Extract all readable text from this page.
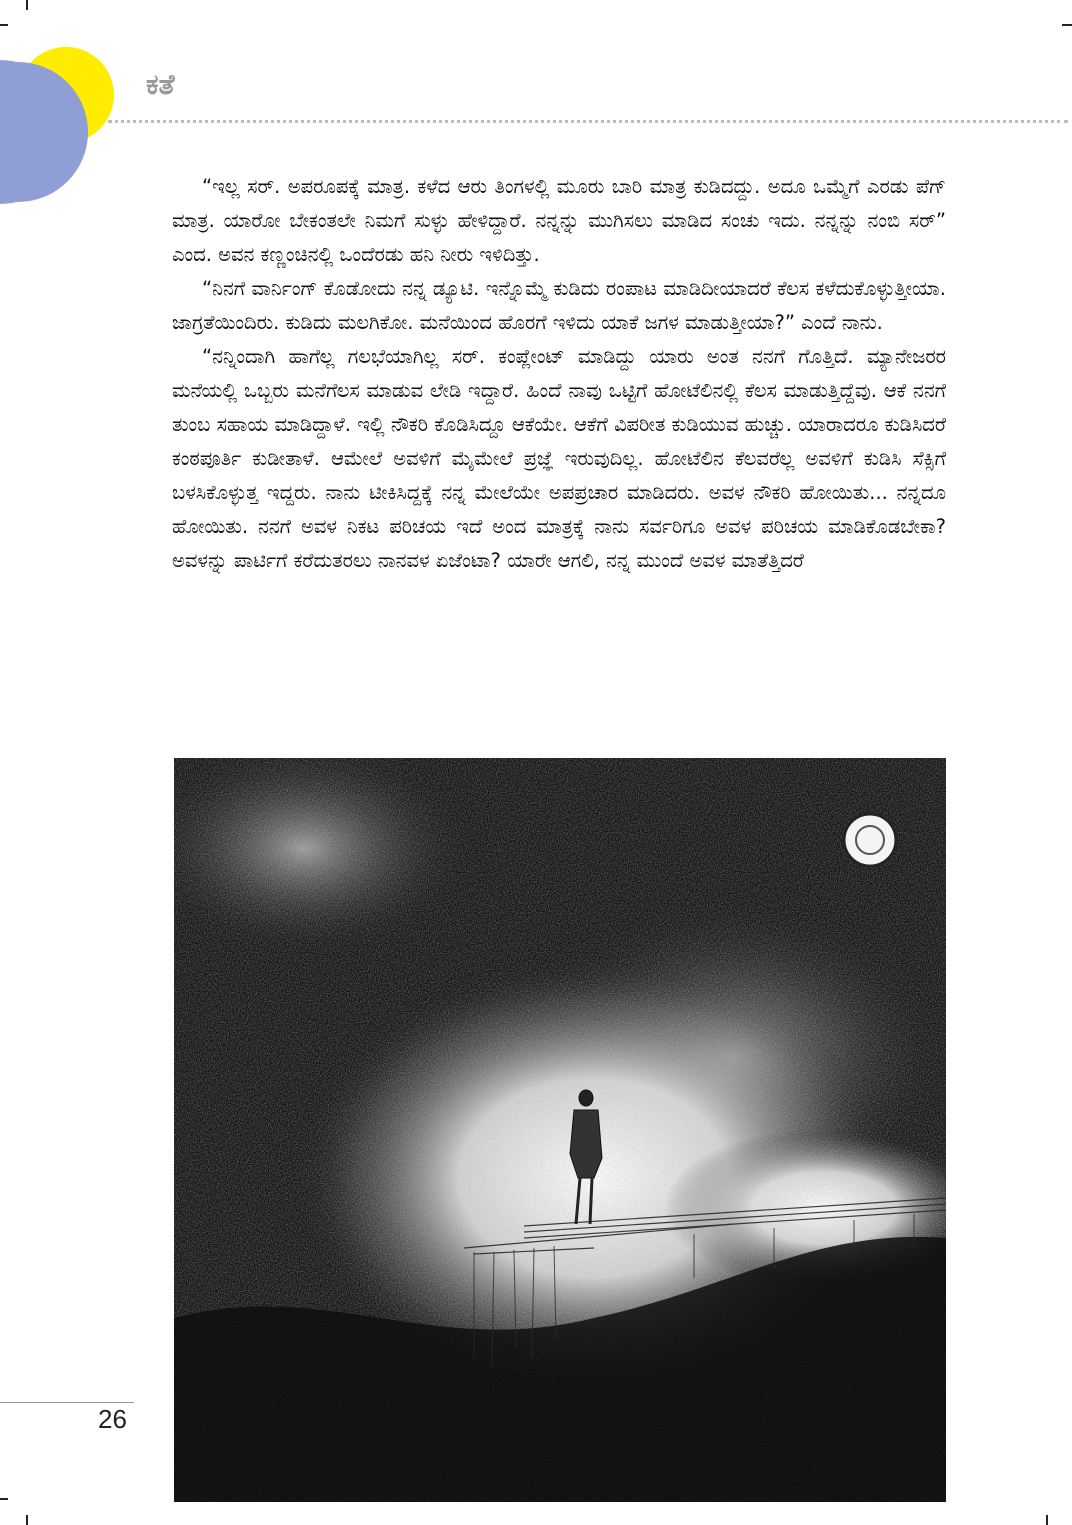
ಕತೆ

“ಇಲ್ಲ ಸರ್. ಅಪರೂಪಕ್ಕೆ ಮಾತ್ರ. ಕಳೆದ ಆರು ತಿಂಗಳಲ್ಲಿ ಮೂರು ಬಾರಿ ಮಾತ್ರ ಕುಡಿದದ್ದು. ಅದೂ ಒಮ್ಮೆಗೆ ಎರಡು ಪೆಗ್ ಮಾತ್ರ. ಯಾರೋ ಬೇಕಂತಲೇ ನಿಮಗೆ ಸುಳ್ಳು ಹೇಳಿದ್ದಾರೆ. ನನ್ನನ್ನು ಮುಗಿಸಲು ಮಾಡಿದ ಸಂಚು ಇದು. ನನ್ನನ್ನು ನಂಬಿ ಸರ್” ಎಂದ. ಅವನ ಕಣ್ಣಂಚಿನಲ್ಲಿ ಒಂದೆರಡು ಹನಿ ನೀರು ಇಳಿದಿತ್ತು.

“ನಿನಗೆ ವಾರ್ನಿಂಗ್ ಕೊಡೋದು ನನ್ನ ಡ್ಯೂಟಿ. ಇನ್ನೊಮ್ಮೆ ಕುಡಿದು ರಂಪಾಟ ಮಾಡಿದೀಯಾದರೆ ಕೆಲಸ ಕಳೆದುಕೊಳ್ಳುತ್ತೀಯಾ. ಜಾಗ್ರತೆಯಿಂದಿರು. ಕುಡಿದು ಮಲಗಿಕೋ. ಮನೆಯಿಂದ ಹೊರಗೆ ಇಳಿದು ಯಾಕೆ ಜಗಳ ಮಾಡುತ್ತೀಯಾ?” ಎಂದೆ ನಾನು.

“ನನ್ನಿಂದಾಗಿ ಹಾಗೆಲ್ಲ ಗಲಭೆಯಾಗಿಲ್ಲ ಸರ್. ಕಂಪ್ಲೇಂಟ್ ಮಾಡಿದ್ದು ಯಾರು ಅಂತ ನನಗೆ ಗೊತ್ತಿದೆ. ಮ್ಯಾನೇಜರರ ಮನೆಯಲ್ಲಿ ಒಬ್ಬರು ಮನೆಗೆಲಸ ಮಾಡುವ ಲೇಡಿ ಇದ್ದಾರೆ. ಹಿಂದೆ ನಾವು ಒಟ್ಟಿಗೆ ಹೋಟೆಲಿನಲ್ಲಿ ಕೆಲಸ ಮಾಡುತ್ತಿದ್ದೆವು. ಆಕೆ ನನಗೆ ತುಂಬ ಸಹಾಯ ಮಾಡಿದ್ದಾಳೆ. ಇಲ್ಲಿ ನೌಕರಿ ಕೊಡಿಸಿದ್ದೂ ಆಕೆಯೇ. ಆಕೆಗೆ ವಿಪರೀತ ಕುಡಿಯುವ ಹುಚ್ಚು. ಯಾರಾದರೂ ಕುಡಿಸಿದರೆ ಕಂಠಪೂರ್ತಿ ಕುಡೀತಾಳೆ. ಆಮೇಲೆ ಅವಳಿಗೆ ಮೈಮೇಲೆ ಪ್ರಜ್ಞೆ ಇರುವುದಿಲ್ಲ. ಹೋಟೆಲಿನ ಕೆಲವರೆಲ್ಲ ಅವಳಿಗೆ ಕುಡಿಸಿ ಸೆಕ್ಸಿಗೆ ಬಳಸಿಕೊಳ್ಳುತ್ತ ಇದ್ದರು. ನಾನು ಟೀಕಿಸಿದ್ದಕ್ಕೆ ನನ್ನ ಮೇಲೆಯೇ ಅಪಪ್ರಚಾರ ಮಾಡಿದರು. ಅವಳ ನೌಕರಿ ಹೋಯಿತು... ನನ್ನದೂ ಹೋಯಿತು. ನನಗೆ ಅವಳ ನಿಕಟ ಪರಿಚಯ ಇದೆ ಅಂದ ಮಾತ್ರಕ್ಕೆ ನಾನು ಸರ್ವರಿಗೂ ಅವಳ ಪರಿಚಯ ಮಾಡಿಕೊಡಬೇಕಾ? ಅವಳನ್ನು ಪಾರ್ಟಿಗೆ ಕರೆದುತರಲು ನಾನವಳ ಏಜೆಂಟಾ? ಯಾರೇ ಆಗಲಿ, ನನ್ನ ಮುಂದೆ ಅವಳ ಮಾತೆತ್ತಿದರೆ

26
